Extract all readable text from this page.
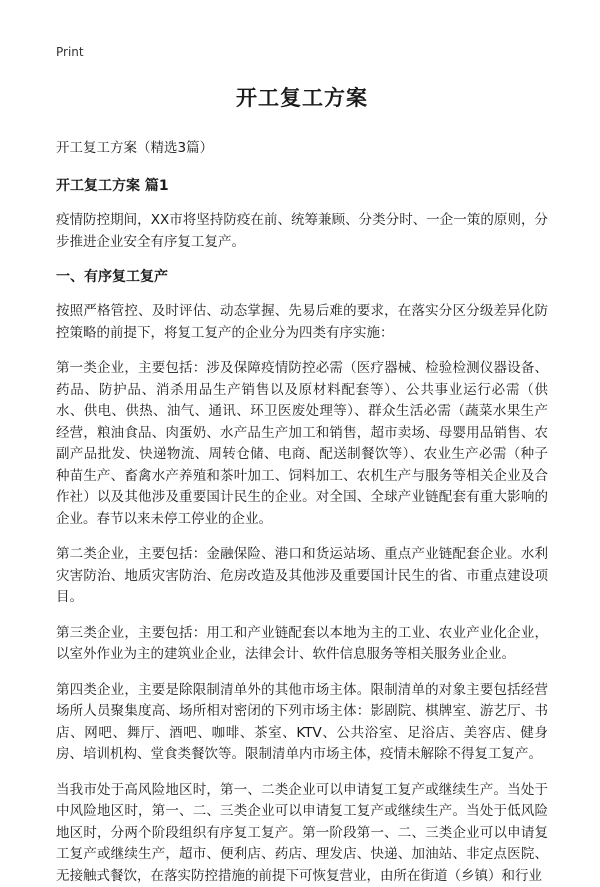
Print
开工复工方案
开工复工方案（精选3篇）
开工复工方案 篇1
疫情防控期间，XX市将坚持防疫在前、统筹兼顾、分类分时、一企一策的原则，分步推进企业安全有序复工复产。
一、有序复工复产
按照严格管控、及时评估、动态掌握、先易后难的要求，在落实分区分级差异化防控策略的前提下，将复工复产的企业分为四类有序实施：
第一类企业，主要包括：涉及保障疫情防控必需（医疗器械、检验检测仪器设备、药品、防护品、消杀用品生产销售以及原材料配套等）、公共事业运行必需（供水、供电、供热、油气、通讯、环卫医废处理等）、群众生活必需（蔬菜水果生产经营，粮油食品、肉蛋奶、水产品生产加工和销售，超市卖场、母婴用品销售、农副产品批发、快递物流、周转仓储、电商、配送制餐饮等）、农业生产必需（种子种苗生产、畜禽水产养殖和茶叶加工、饲料加工、农机生产与服务等相关企业及合作社）以及其他涉及重要国计民生的企业。对全国、全球产业链配套有重大影响的企业。春节以来未停工停业的企业。
第二类企业，主要包括：金融保险、港口和货运站场、重点产业链配套企业。水利灾害防治、地质灾害防治、危房改造及其他涉及重要国计民生的省、市重点建设项目。
第三类企业，主要包括：用工和产业链配套以本地为主的工业、农业产业化企业，以室外作业为主的建筑业企业，法律会计、软件信息服务等相关服务业企业。
第四类企业，主要是除限制清单外的其他市场主体。限制清单的对象主要包括经营场所人员聚集度高、场所相对密闭的下列市场主体：影剧院、棋牌室、游艺厅、书店、网吧、舞厅、酒吧、咖啡、茶室、KTV、公共浴室、足浴店、美容店、健身房、培训机构、堂食类餐饮等。限制清单内市场主体，疫情未解除不得复工复产。
当我市处于高风险地区时，第一、二类企业可以申请复工复产或继续生产。当处于中风险地区时，第一、二、三类企业可以申请复工复产或继续生产。当处于低风险地区时，分两个阶段组织有序复工复产。第一阶段第一、二、三类企业可以申请复工复产或继续生产，超市、便利店、药店、理发店、快递、加油站、非定点医院、无接触式餐饮，在落实防控措施的前提下可恢复营业，由所在街道（乡镇）和行业
